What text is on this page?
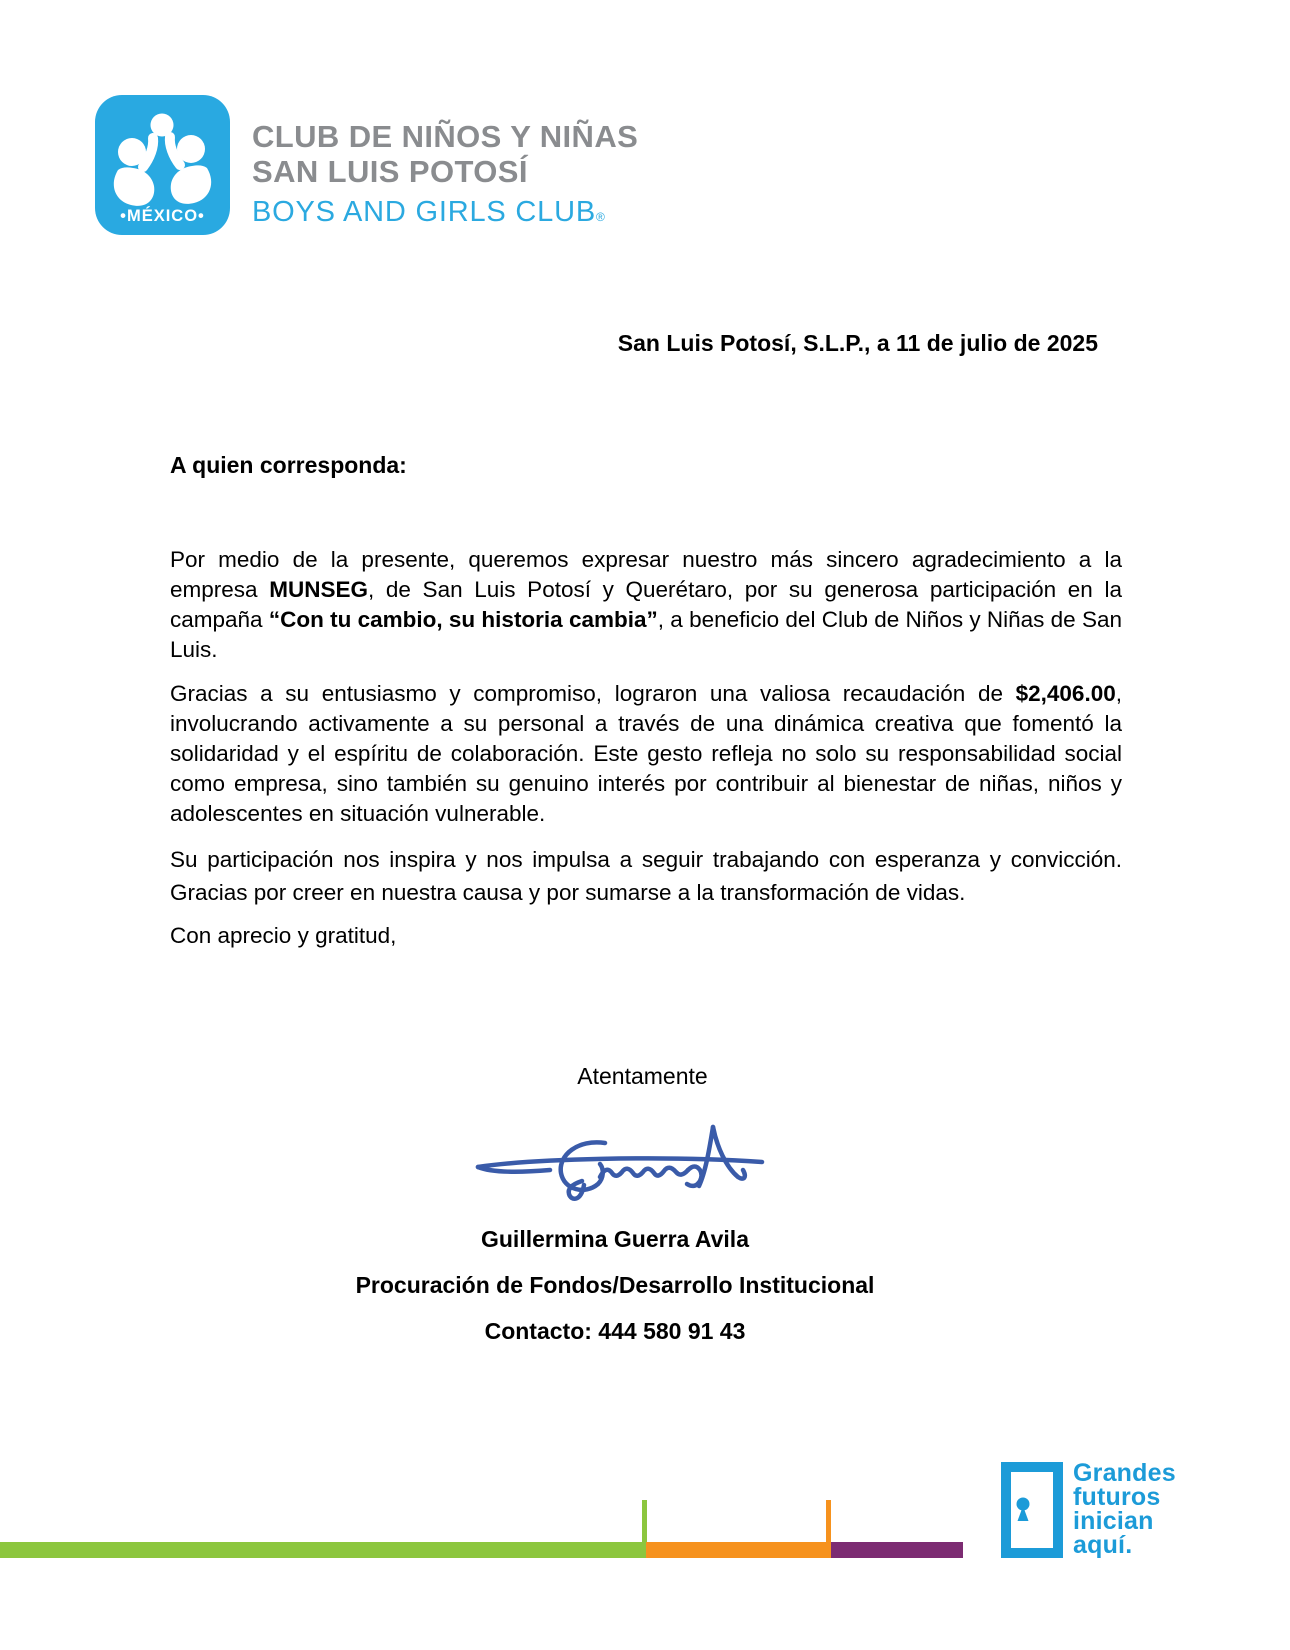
•MÉXICO•
CLUB DE NIÑOS Y NIÑAS
SAN LUIS POTOSÍ
BOYS AND GIRLS CLUB®
San Luis Potosí, S.L.P., a 11 de julio de 2025
A quien corresponda:

Por medio de la presente, queremos expresar nuestro más sincero agradecimiento a la empresa MUNSEG, de San Luis Potosí y Querétaro, por su generosa participación en la campaña “Con tu cambio, su historia cambia”, a beneficio del Club de Niños y Niñas de San Luis.

Gracias a su entusiasmo y compromiso, lograron una valiosa recaudación de $2,406.00, involucrando activamente a su personal a través de una dinámica creativa que fomentó la solidaridad y el espíritu de colaboración. Este gesto refleja no solo su responsabilidad social como empresa, sino también su genuino interés por contribuir al bienestar de niñas, niños y adolescentes en situación vulnerable.

Su participación nos inspira y nos impulsa a seguir trabajando con esperanza y convicción. Gracias por creer en nuestra causa y por sumarse a la transformación de vidas.

Con aprecio y gratitud,
Atentamente
Guillermina Guerra Avila
Procuración de Fondos/Desarrollo Institucional
Contacto: 444 580 91 43
Grandes
futuros
inician
aquí.
